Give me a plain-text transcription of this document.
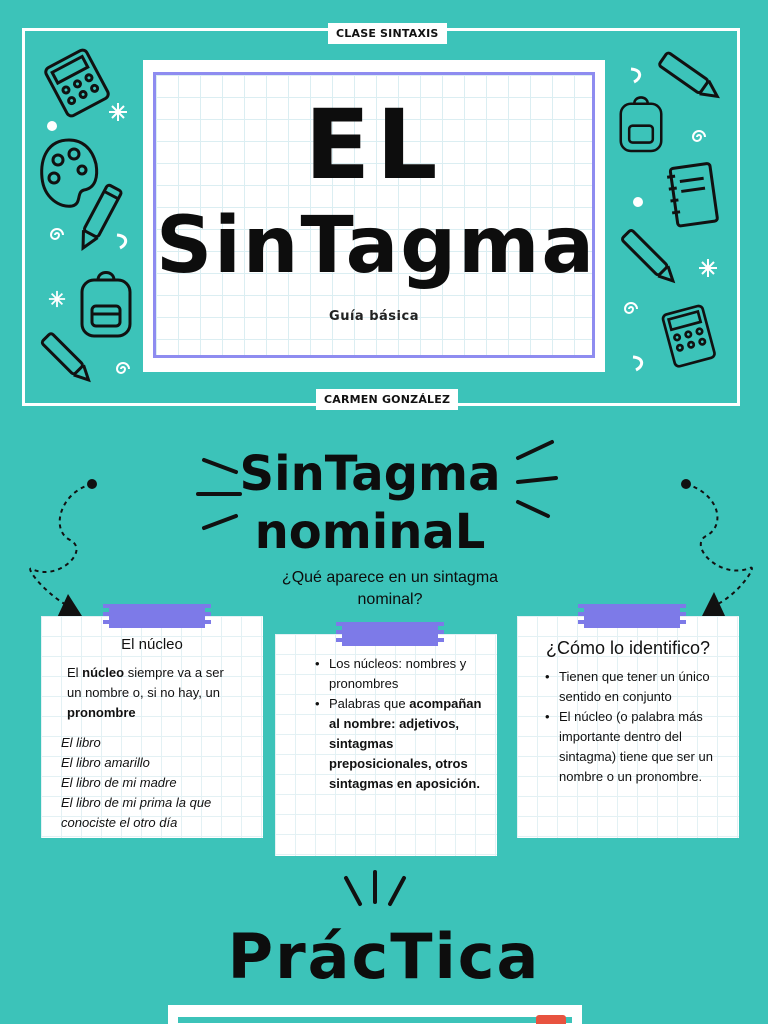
CLASE SINTAXIS
CARMEN GONZÁLEZ
EL
SinTagma
Guía básica
SinTagma
nominaL
¿Qué aparece en un sintagma nominal?
El núcleo

El núcleo siempre va a ser un nombre o, si no hay, un pronombre

El libro
El libro amarillo
El libro de mi madre
El libro de mi prima la que conociste el otro día
• Los núcleos: nombres y pronombres
• Palabras que acompañan al nombre: adjetivos, sintagmas preposicionales, otros sintagmas en aposición.
¿Cómo lo identifico?
• Tienen que tener un único sentido en conjunto
• El núcleo (o palabra más importante dentro del sintagma) tiene que ser un nombre o un pronombre.
PrácTica
